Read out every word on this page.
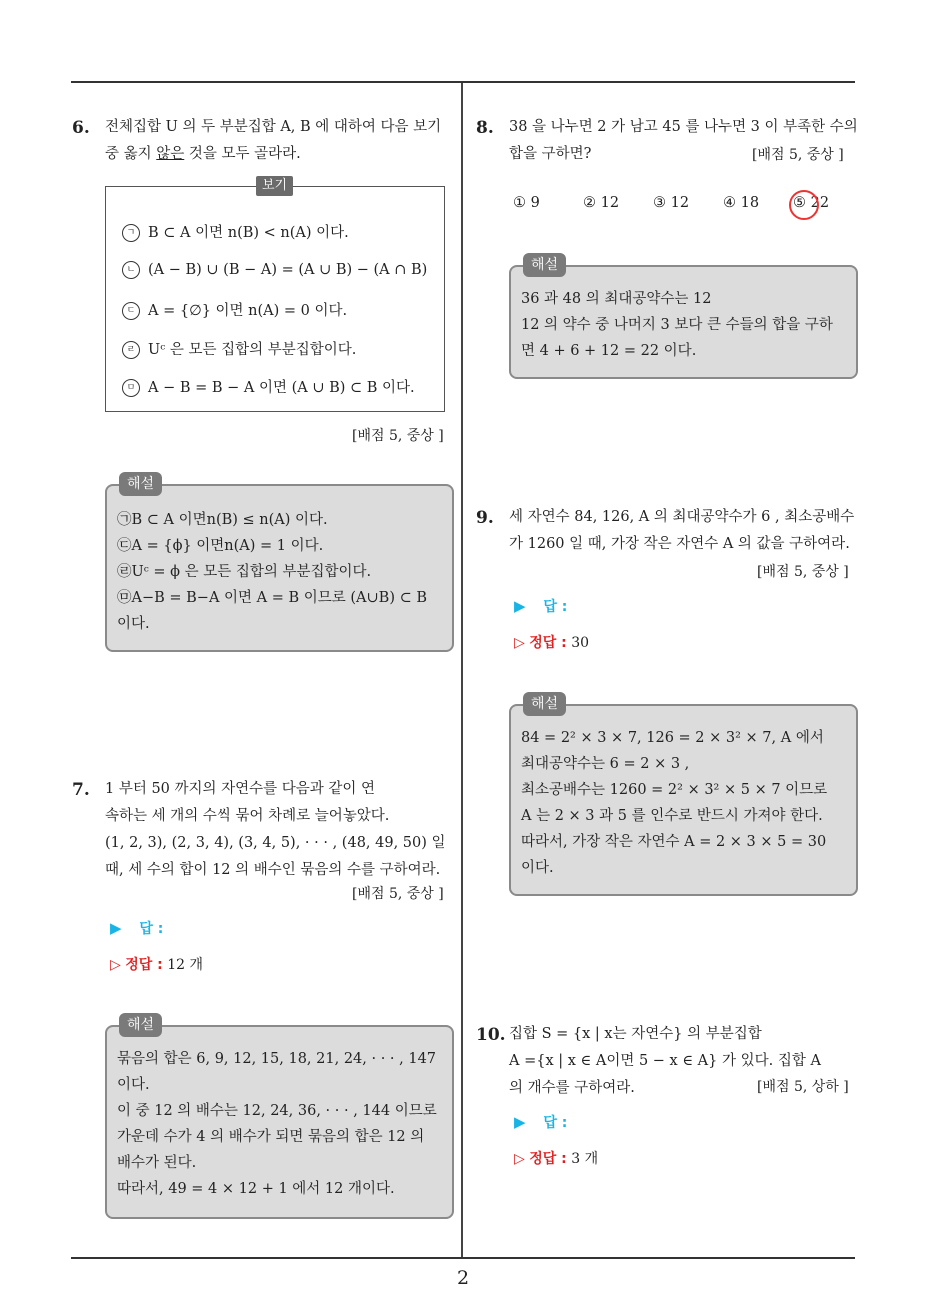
6. 전체집합 U 의 두 부분집합 A, B 에 대하여 다음 보기
중 옳지 않은 것을 모두 골라라.
보기
ㄱ B ⊂ A 이면 n(B) < n(A) 이다.
ㄴ (A − B) ∪ (B − A) = (A ∪ B) − (A ∩ B)
ㄷ A = {∅} 이면 n(A) = 0 이다.
ㄹ Uᶜ 은 모든 집합의 부분집합이다.
ㅁ A − B = B − A 이면 (A ∪ B) ⊂ B 이다.
[배점 5, 중상 ]
해설
㉠B ⊂ A 이면n(B) ≤ n(A) 이다.
㉢A = {ϕ} 이면n(A) = 1 이다.
㉣Uᶜ = ϕ 은 모든 집합의 부분집합이다.
㉤A−B = B−A 이면 A = B 이므로 (A∪B) ⊂ B
이다.
7. 1 부터 50 까지의 자연수를 다음과 같이 연
속하는 세 개의 수씩 묶어 차례로 늘어놓았다.
(1, 2, 3), (2, 3, 4), (3, 4, 5), · · · , (48, 49, 50) 일
때, 세 수의 합이 12 의 배수인 묶음의 수를 구하여라.
[배점 5, 중상 ]
▶ 답 :
▷ 정답 : 12 개
해설
묶음의 합은 6, 9, 12, 15, 18, 21, 24, · · · , 147
이다.
이 중 12 의 배수는 12, 24, 36, · · · , 144 이므로
가운데 수가 4 의 배수가 되면 묶음의 합은 12 의
배수가 된다.
따라서, 49 = 4 × 12 + 1 에서 12 개이다.
8. 38 을 나누면 2 가 남고 45 를 나누면 3 이 부족한 수의
합을 구하면?	[배점 5, 중상 ]
① 9	② 12 ③ 12 ④ 18 ⑤ 22
해설
36 과 48 의 최대공약수는 12
12 의 약수 중 나머지 3 보다 큰 수들의 합을 구하
면 4 + 6 + 12 = 22 이다.
9. 세 자연수 84, 126, A 의 최대공약수가 6 , 최소공배수
가 1260 일 때, 가장 작은 자연수 A 의 값을 구하여라.
[배점 5, 중상 ]
▶ 답 :
▷ 정답 : 30
해설
84 = 2² × 3 × 7, 126 = 2 × 3² × 7, A 에서
최대공약수는 6 = 2 × 3 ,
최소공배수는 1260 = 2² × 3² × 5 × 7 이므로
A 는 2 × 3 과 5 를 인수로 반드시 가져야 한다.
따라서, 가장 작은 자연수 A = 2 × 3 × 5 = 30
이다.
10. 집합 S = {x | x는 자연수} 의 부분집합
A ={x | x ∈ A이면 5 − x ∈ A} 가 있다. 집합 A
의 개수를 구하여라.	[배점 5, 상하 ]
▶ 답 :
▷ 정답 : 3 개
2
